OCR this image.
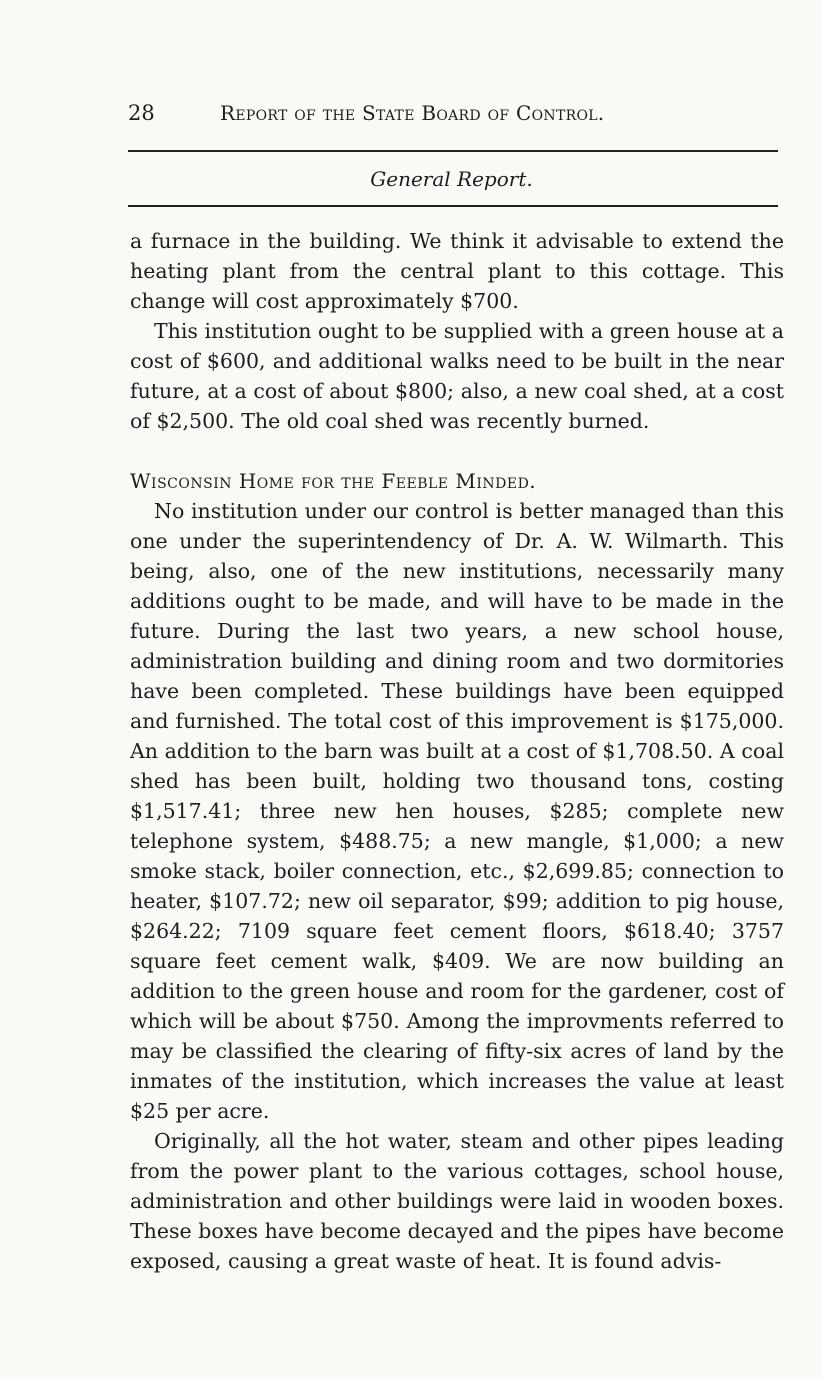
28	Report of the State Board of Control.
General Report.

a furnace in the building. We think it advisable to extend the heating plant from the central plant to this cottage. This change will cost approximately $700.

This institution ought to be supplied with a green house at a cost of $600, and additional walks need to be built in the near future, at a cost of about $800; also, a new coal shed, at a cost of $2,500. The old coal shed was recently burned.

Wisconsin Home for the Feeble Minded.

No institution under our control is better managed than this one under the superintendency of Dr. A. W. Wilmarth. This being, also, one of the new institutions, necessarily many additions ought to be made, and will have to be made in the future. During the last two years, a new school house, administration building and dining room and two dormitories have been completed. These buildings have been equipped and furnished. The total cost of this improvement is $175,000. An addition to the barn was built at a cost of $1,708.50. A coal shed has been built, holding two thousand tons, costing $1,517.41; three new hen houses, $285; complete new telephone system, $488.75; a new mangle, $1,000; a new smoke stack, boiler connection, etc., $2,699.85; connection to heater, $107.72; new oil separator, $99; addition to pig house, $264.22; 7109 square feet cement floors, $618.40; 3757 square feet cement walk, $409. We are now building an addition to the green house and room for the gardener, cost of which will be about $750. Among the improvments referred to may be classified the clearing of fifty-six acres of land by the inmates of the institution, which increases the value at least $25 per acre.

Originally, all the hot water, steam and other pipes leading from the power plant to the various cottages, school house, administration and other buildings were laid in wooden boxes. These boxes have become decayed and the pipes have become exposed, causing a great waste of heat. It is found advis-
